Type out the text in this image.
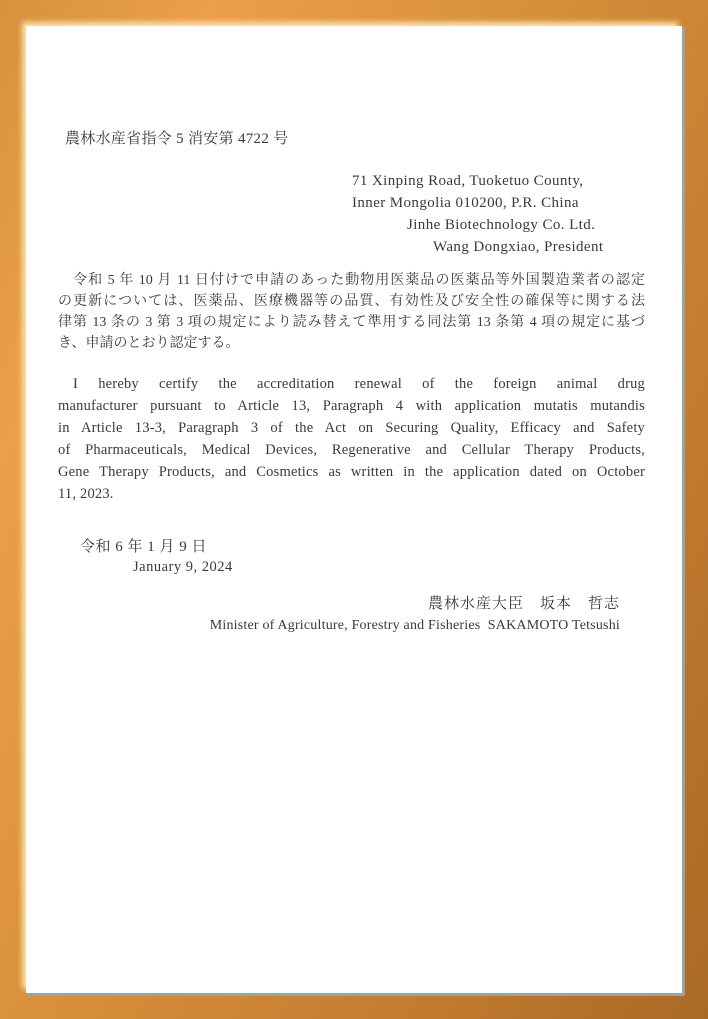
農林水産省指令 5 消安第 4722 号
71 Xinping Road, Tuoketuo County,
Inner Mongolia 010200, P.R. China
Jinhe Biotechnology Co. Ltd.
Wang Dongxiao, President
　令和 5 年 10 月 11 日付けで申請のあった動物用医薬品の医薬品等外国製造業者の認定
の更新については、医薬品、医療機器等の品質、有効性及び安全性の確保等に関する法
律第 13 条の 3 第 3 項の規定により読み替えて準用する同法第 13 条第 4 項の規定に基づ
き、申請のとおり認定する。
I hereby certify the accreditation renewal of the foreign animal drug
manufacturer pursuant to Article 13, Paragraph 4 with application mutatis mutandis
in Article 13-3, Paragraph 3 of the Act on Securing Quality, Efficacy and Safety
of Pharmaceuticals, Medical Devices, Regenerative and Cellular Therapy Products,
Gene Therapy Products, and Cosmetics as written in the application dated on October
11, 2023.
令和 6 年 1 月 9 日
January 9, 2024
農林水産大臣　坂本　哲志
Minister of Agriculture, Forestry and Fisheries  SAKAMOTO Tetsushi
